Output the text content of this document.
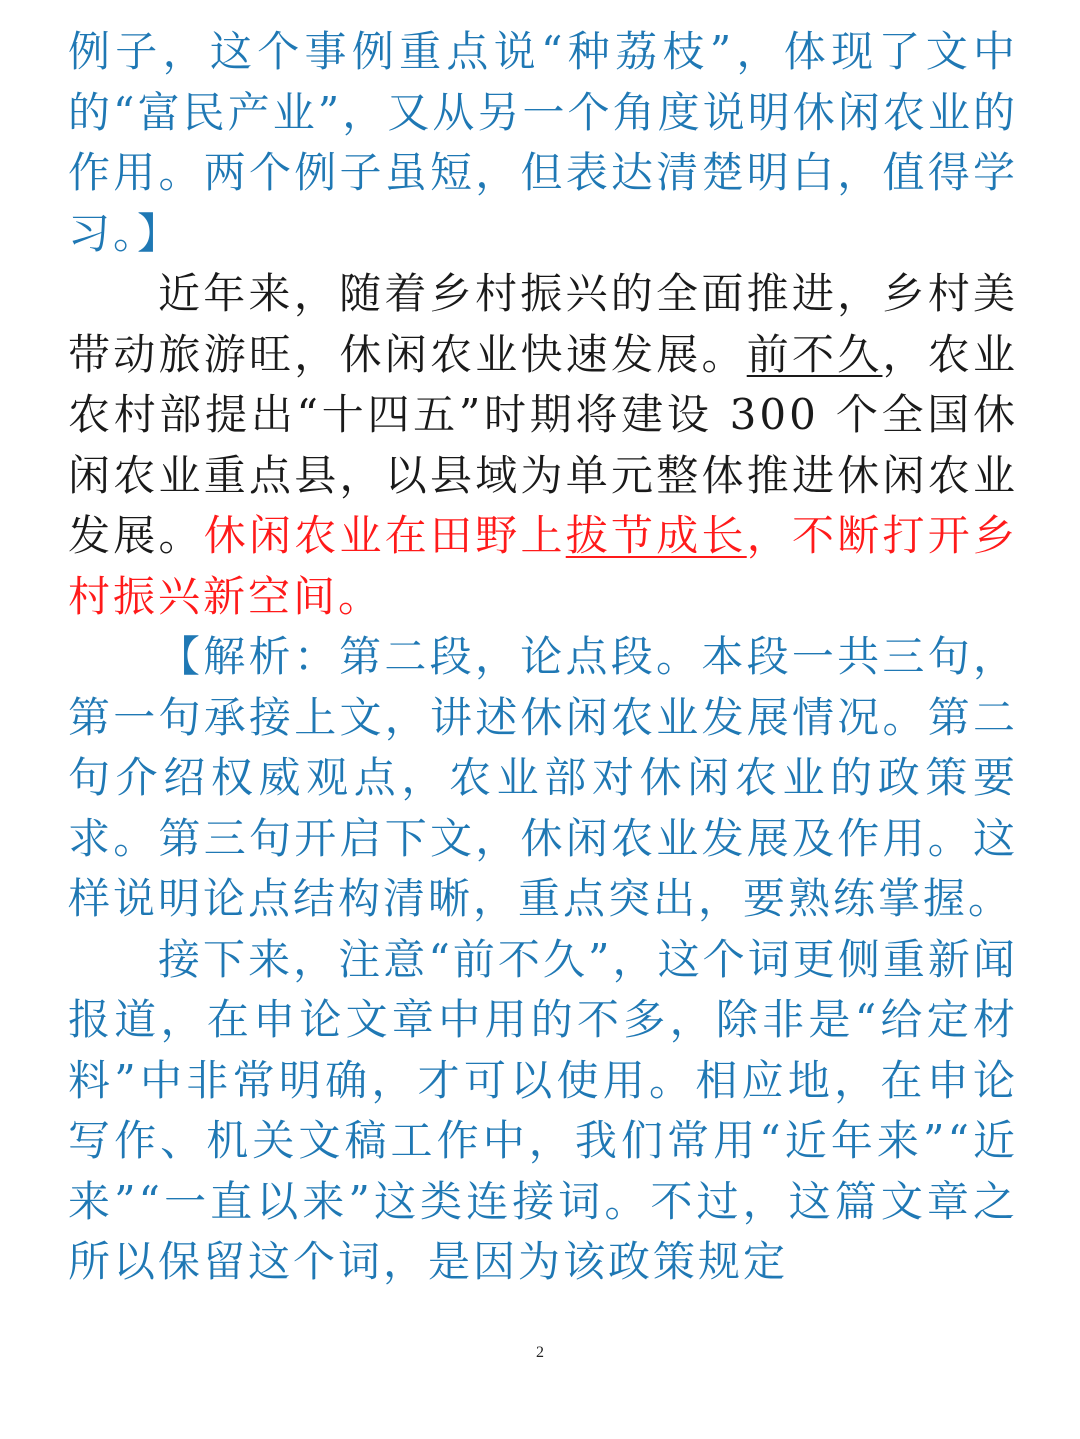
例子，这个事例重点说“种荔枝”，体现了文中的“富民产业”，又从另一个角度说明休闲农业的作用。两个例子虽短，但表达清楚明白，值得学习。】

近年来，随着乡村振兴的全面推进，乡村美带动旅游旺，休闲农业快速发展。前不久，农业农村部提出“十四五”时期将建设 300 个全国休闲农业重点县，以县域为单元整体推进休闲农业发展。休闲农业在田野上拔节成长，不断打开乡村振兴新空间。

【解析：第二段，论点段。本段一共三句，第一句承接上文，讲述休闲农业发展情况。第二句介绍权威观点，农业部对休闲农业的政策要求。第三句开启下文，休闲农业发展及作用。这样说明论点结构清晰，重点突出，要熟练掌握。

接下来，注意“前不久”，这个词更侧重新闻报道，在申论文章中用的不多，除非是“给定材料”中非常明确，才可以使用。相应地，在申论写作、机关文稿工作中，我们常用“近年来”“近来”“一直以来”这类连接词。不过，这篇文章之所以保留这个词，是因为该政策规定

2
